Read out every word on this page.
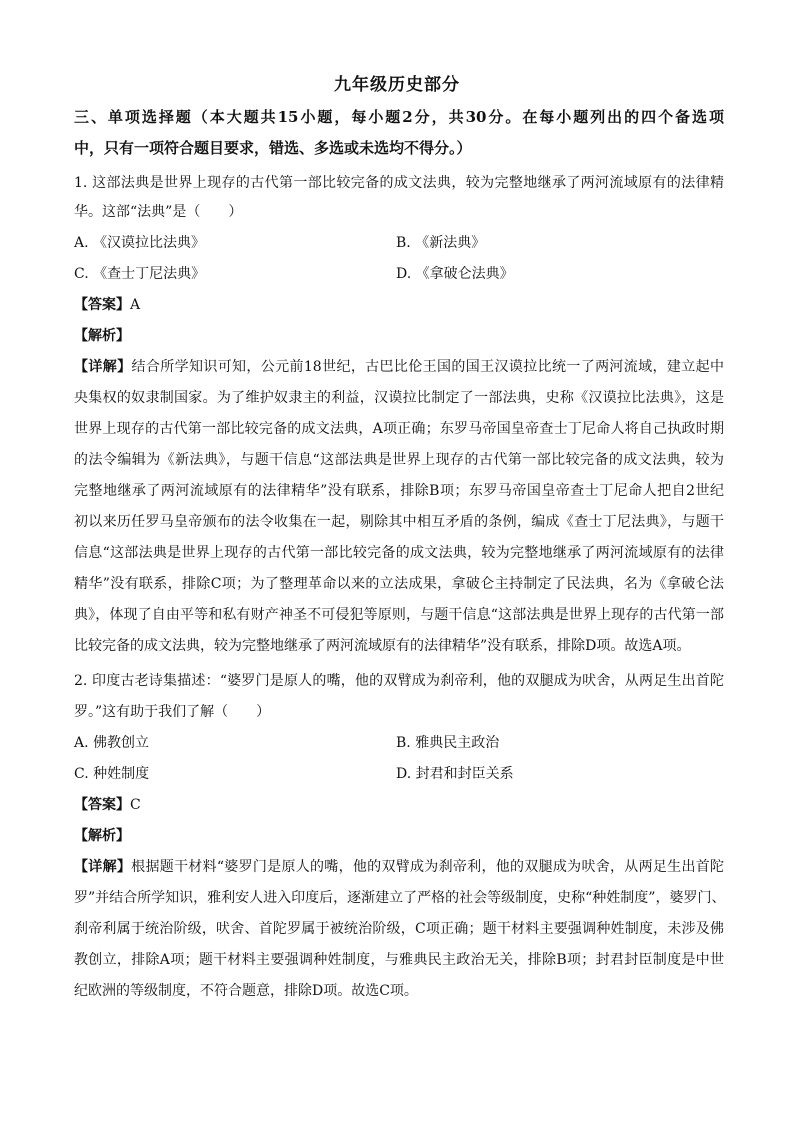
九年级历史部分
三、单项选择题（本大题共15小题，每小题2分，共30分。在每小题列出的四个备选项
中，只有一项符合题目要求，错选、多选或未选均不得分。）
1. 这部法典是世界上现存的古代第一部比较完备的成文法典，较为完整地继承了两河流域原有的法律精
华。这部“法典”是（　　）
A. 《汉谟拉比法典》	B. 《新法典》
C. 《查士丁尼法典》	D. 《拿破仑法典》
【答案】A
【解析】
【详解】结合所学知识可知，公元前18世纪，古巴比伦王国的国王汉谟拉比统一了两河流域，建立起中
央集权的奴隶制国家。为了维护奴隶主的利益，汉谟拉比制定了一部法典，史称《汉谟拉比法典》，这是
世界上现存的古代第一部比较完备的成文法典，A项正确；东罗马帝国皇帝查士丁尼命人将自己执政时期
的法令编辑为《新法典》，与题干信息“这部法典是世界上现存的古代第一部比较完备的成文法典，较为
完整地继承了两河流域原有的法律精华”没有联系，排除B项；东罗马帝国皇帝查士丁尼命人把自2世纪
初以来历任罗马皇帝颁布的法令收集在一起，剔除其中相互矛盾的条例，编成《查士丁尼法典》，与题干
信息“这部法典是世界上现存的古代第一部比较完备的成文法典，较为完整地继承了两河流域原有的法律
精华”没有联系，排除C项；为了整理革命以来的立法成果，拿破仑主持制定了民法典，名为《拿破仑法
典》，体现了自由平等和私有财产神圣不可侵犯等原则，与题干信息“这部法典是世界上现存的古代第一部
比较完备的成文法典，较为完整地继承了两河流域原有的法律精华”没有联系，排除D项。故选A项。
2. 印度古老诗集描述：“婆罗门是原人的嘴，他的双臂成为刹帝利，他的双腿成为吠舍，从两足生出首陀
罗。”这有助于我们了解（　　）
A. 佛教创立	B. 雅典民主政治
C. 种姓制度	D. 封君和封臣关系
【答案】C
【解析】
【详解】根据题干材料“婆罗门是原人的嘴，他的双臂成为刹帝利，他的双腿成为吠舍，从两足生出首陀
罗”并结合所学知识，雅利安人进入印度后，逐渐建立了严格的社会等级制度，史称“种姓制度”，婆罗门、
刹帝利属于统治阶级，吠舍、首陀罗属于被统治阶级，C项正确；题干材料主要强调种姓制度，未涉及佛
教创立，排除A项；题干材料主要强调种姓制度，与雅典民主政治无关，排除B项；封君封臣制度是中世
纪欧洲的等级制度，不符合题意，排除D项。故选C项。
